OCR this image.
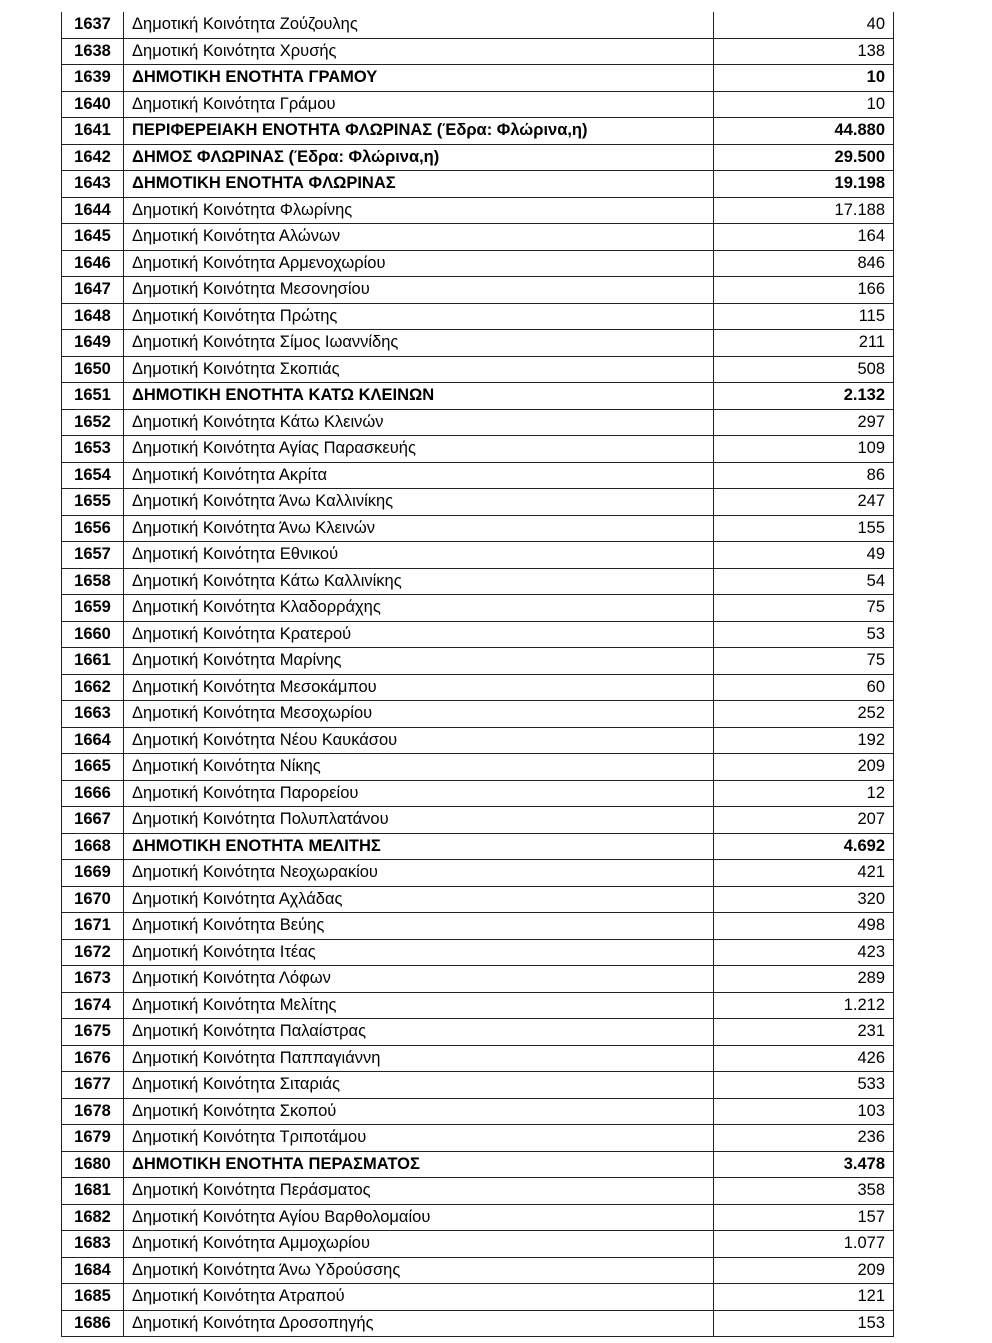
1637	Δημοτική Κοινότητα Ζούζουλης	40
1638	Δημοτική Κοινότητα Χρυσής	138
1639	ΔΗΜΟΤΙΚΗ ΕΝΟΤΗΤΑ ΓΡΑΜΟΥ	10
1640	Δημοτική Κοινότητα Γράμου	10
1641	ΠΕΡΙΦΕΡΕΙΑΚΗ ΕΝΟΤΗΤΑ ΦΛΩΡΙΝΑΣ (Έδρα: Φλώρινα,η)	44.880
1642	ΔΗΜΟΣ ΦΛΩΡΙΝΑΣ (Έδρα: Φλώρινα,η)	29.500
1643	ΔΗΜΟΤΙΚΗ ΕΝΟΤΗΤΑ ΦΛΩΡΙΝΑΣ	19.198
1644	Δημοτική Κοινότητα Φλωρίνης	17.188
1645	Δημοτική Κοινότητα Αλώνων	164
1646	Δημοτική Κοινότητα Αρμενοχωρίου	846
1647	Δημοτική Κοινότητα Μεσονησίου	166
1648	Δημοτική Κοινότητα Πρώτης	115
1649	Δημοτική Κοινότητα Σίμος Ιωαννίδης	211
1650	Δημοτική Κοινότητα Σκοπιάς	508
1651	ΔΗΜΟΤΙΚΗ ΕΝΟΤΗΤΑ ΚΑΤΩ ΚΛΕΙΝΩΝ	2.132
1652	Δημοτική Κοινότητα Κάτω Κλεινών	297
1653	Δημοτική Κοινότητα Αγίας Παρασκευής	109
1654	Δημοτική Κοινότητα Ακρίτα	86
1655	Δημοτική Κοινότητα Άνω Καλλινίκης	247
1656	Δημοτική Κοινότητα Άνω Κλεινών	155
1657	Δημοτική Κοινότητα Εθνικού	49
1658	Δημοτική Κοινότητα Κάτω Καλλινίκης	54
1659	Δημοτική Κοινότητα Κλαδορράχης	75
1660	Δημοτική Κοινότητα Κρατερού	53
1661	Δημοτική Κοινότητα Μαρίνης	75
1662	Δημοτική Κοινότητα Μεσοκάμπου	60
1663	Δημοτική Κοινότητα Μεσοχωρίου	252
1664	Δημοτική Κοινότητα Νέου Καυκάσου	192
1665	Δημοτική Κοινότητα Νίκης	209
1666	Δημοτική Κοινότητα Παρορείου	12
1667	Δημοτική Κοινότητα Πολυπλατάνου	207
1668	ΔΗΜΟΤΙΚΗ ΕΝΟΤΗΤΑ ΜΕΛΙΤΗΣ	4.692
1669	Δημοτική Κοινότητα Νεοχωρακίου	421
1670	Δημοτική Κοινότητα Αχλάδας	320
1671	Δημοτική Κοινότητα Βεύης	498
1672	Δημοτική Κοινότητα Ιτέας	423
1673	Δημοτική Κοινότητα Λόφων	289
1674	Δημοτική Κοινότητα Μελίτης	1.212
1675	Δημοτική Κοινότητα Παλαίστρας	231
1676	Δημοτική Κοινότητα Παππαγιάννη	426
1677	Δημοτική Κοινότητα Σιταριάς	533
1678	Δημοτική Κοινότητα Σκοπού	103
1679	Δημοτική Κοινότητα Τριποτάμου	236
1680	ΔΗΜΟΤΙΚΗ ΕΝΟΤΗΤΑ ΠΕΡΑΣΜΑΤΟΣ	3.478
1681	Δημοτική Κοινότητα Περάσματος	358
1682	Δημοτική Κοινότητα Αγίου Βαρθολομαίου	157
1683	Δημοτική Κοινότητα Αμμοχωρίου	1.077
1684	Δημοτική Κοινότητα Άνω Υδρούσσης	209
1685	Δημοτική Κοινότητα Ατραπού	121
1686	Δημοτική Κοινότητα Δροσοπηγής	153
